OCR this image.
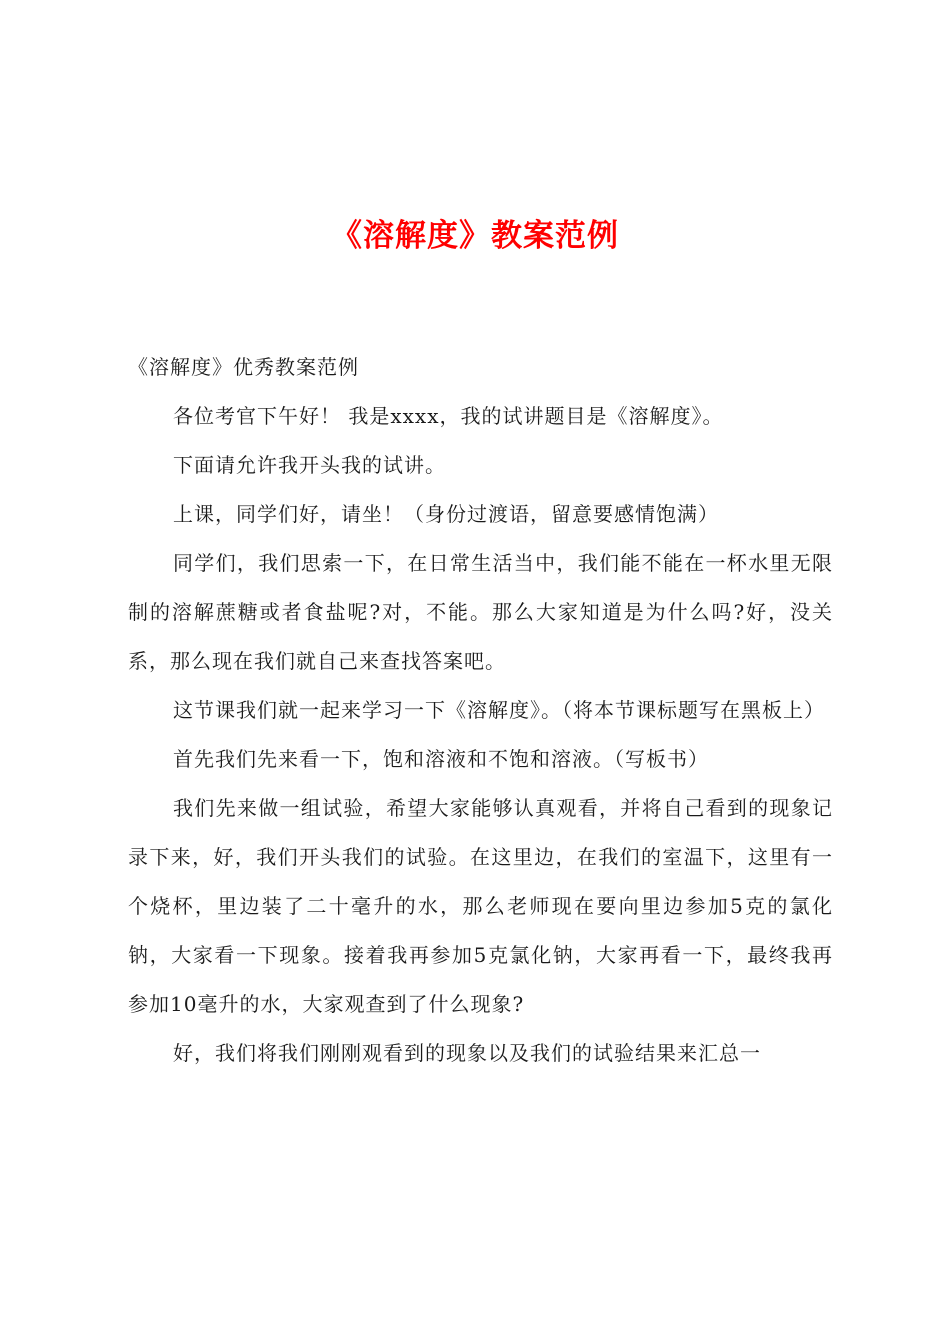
《溶解度》教案范例

《溶解度》优秀教案范例

各位考官下午好！ 我是xxxx，我的试讲题目是《溶解度》。

下面请允许我开头我的试讲。

上课，同学们好，请坐！（身份过渡语，留意要感情饱满）

同学们，我们思索一下，在日常生活当中，我们能不能在一杯水里无限制的溶解蔗糖或者食盐呢?对，不能。那么大家知道是为什么吗?好，没关系，那么现在我们就自己来查找答案吧。

这节课我们就一起来学习一下《溶解度》。（将本节课标题写在黑板上）

首先我们先来看一下，饱和溶液和不饱和溶液。（写板书）

我们先来做一组试验，希望大家能够认真观看，并将自己看到的现象记录下来，好，我们开头我们的试验。在这里边，在我们的室温下，这里有一个烧杯，里边装了二十毫升的水，那么老师现在要向里边参加5克的氯化钠，大家看一下现象。接着我再参加5克氯化钠，大家再看一下，最终我再参加10毫升的水，大家观查到了什么现象?

好，我们将我们刚刚观看到的现象以及我们的试验结果来汇总一
